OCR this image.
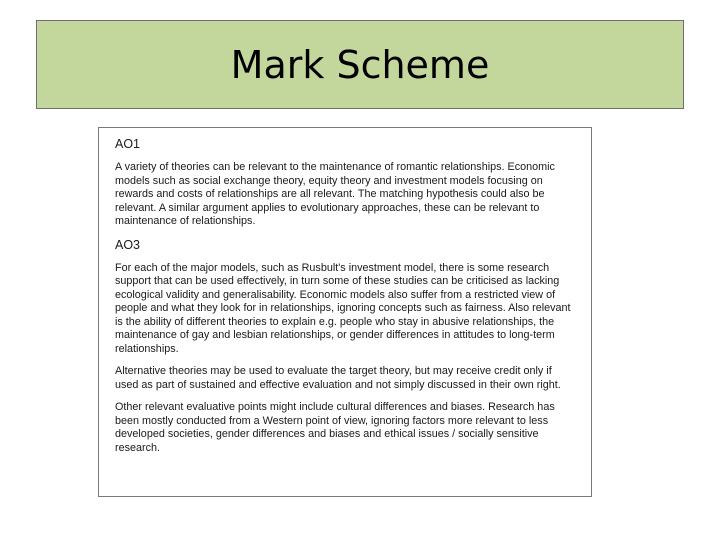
Mark Scheme
AO1

A variety of theories can be relevant to the maintenance of romantic relationships. Economic models such as social exchange theory, equity theory and investment models focusing on rewards and costs of relationships are all relevant. The matching hypothesis could also be relevant. A similar argument applies to evolutionary approaches, these can be relevant to maintenance of relationships.

AO3

For each of the major models, such as Rusbult's investment model, there is some research support that can be used effectively, in turn some of these studies can be criticised as lacking ecological validity and generalisability. Economic models also suffer from a restricted view of people and what they look for in relationships, ignoring concepts such as fairness. Also relevant is the ability of different theories to explain e.g. people who stay in abusive relationships, the maintenance of gay and lesbian relationships, or gender differences in attitudes to long-term relationships.

Alternative theories may be used to evaluate the target theory, but may receive credit only if used as part of sustained and effective evaluation and not simply discussed in their own right.

Other relevant evaluative points might include cultural differences and biases. Research has been mostly conducted from a Western point of view, ignoring factors more relevant to less developed societies, gender differences and biases and ethical issues / socially sensitive research.
